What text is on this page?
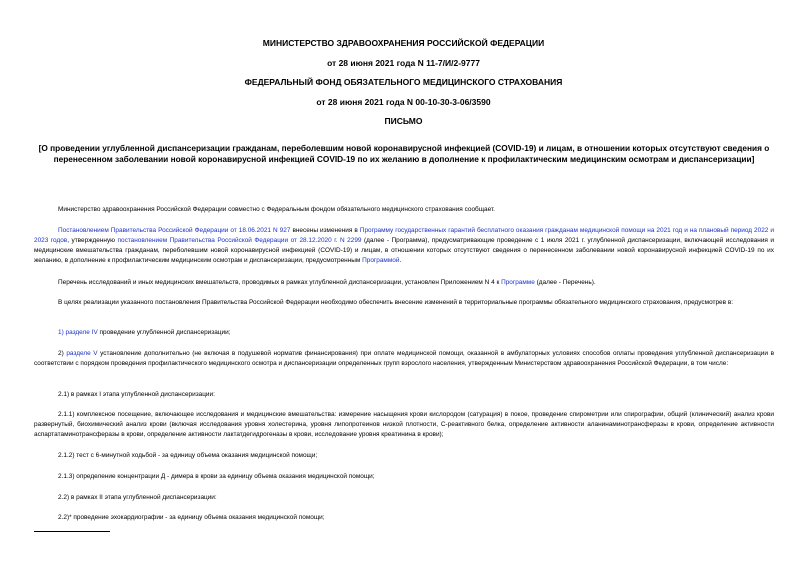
МИНИСТЕРСТВО ЗДРАВООХРАНЕНИЯ РОССИЙСКОЙ ФЕДЕРАЦИИ
от 28 июня 2021 года N 11-7/И/2-9777
ФЕДЕРАЛЬНЫЙ ФОНД ОБЯЗАТЕЛЬНОГО МЕДИЦИНСКОГО СТРАХОВАНИЯ
от 28 июня 2021 года N 00-10-30-3-06/3590
ПИСЬМО
[О проведении углубленной диспансеризации гражданам, переболевшим новой коронавирусной инфекцией (COVID-19) и лицам, в отношении которых отсутствуют сведения о перенесенном заболевании новой коронавирусной инфекцией COVID-19 по их желанию в дополнение к профилактическим медицинским осмотрам и диспансеризации]
Министерство здравоохранения Российской Федерации совместно с Федеральным фондом обязательного медицинского страхования сообщает.
Постановлением Правительства Российской Федерации от 18.06.2021 N 927 внесены изменения в Программу государственных гарантий бесплатного оказания гражданам медицинской помощи на 2021 год и на плановый период 2022 и 2023 годов, утвержденную постановлением Правительства Российской Федерации от 28.12.2020 г. N 2299 (далее - Программа), предусматривающие проведение с 1 июля 2021 г. углубленной диспансеризации, включающей исследования и медицинские вмешательства гражданам, переболевшим новой коронавирусной инфекцией (COVID-19) и лицам, в отношении которых отсутствуют сведения о перенесенном заболевании новой коронавирусной инфекцией COVID-19 по их желанию, в дополнение к профилактическим медицинским осмотрам и диспансеризации, предусмотренным Программой.
Перечень исследований и иных медицинских вмешательств, проводимых в рамках углубленной диспансеризации, установлен Приложением N 4 к Программе (далее - Перечень).
В целях реализации указанного постановления Правительства Российской Федерации необходимо обеспечить внесение изменений в территориальные программы обязательного медицинского страхования, предусмотрев в:
1) разделе IV проведение углубленной диспансеризации;
2) разделе V установление дополнительно (не включая в подушевой норматив финансирования) при оплате медицинской помощи, оказанной в амбулаторных условиях способов оплаты проведения углубленной диспансеризации в соответствии с порядком проведения профилактического медицинского осмотра и диспансеризации определенных групп взрослого населения, утвержденным Министерством здравоохранения Российской Федерации, в том числе:
2.1) в рамках I этапа углубленной диспансеризации:
2.1.1) комплексное посещение, включающее исследования и медицинские вмешательства: измерение насыщения крови кислородом (сатурация) в покое, проведение спирометрии или спирографии, общий (клинический) анализ крови развернутый, биохимический анализ крови (включая исследования уровня холестерина, уровня липопротеинов низкой плотности, С-реактивного белка, определение активности аланинаминотрансферазы в крови, определение активности аспартатаминотрансферазы в крови, определение активности лактатдегидрогеназы в крови, исследование уровня креатинина в крови);
2.1.2) тест с 6-минутной ходьбой - за единицу объема оказания медицинской помощи;
2.1.3) определение концентрации Д - димера в крови за единицу объема оказания медицинской помощи;
2.2) в рамках II этапа углубленной диспансеризации:
2.2)* проведение эхокардиографии - за единицу объема оказания медицинской помощи;
